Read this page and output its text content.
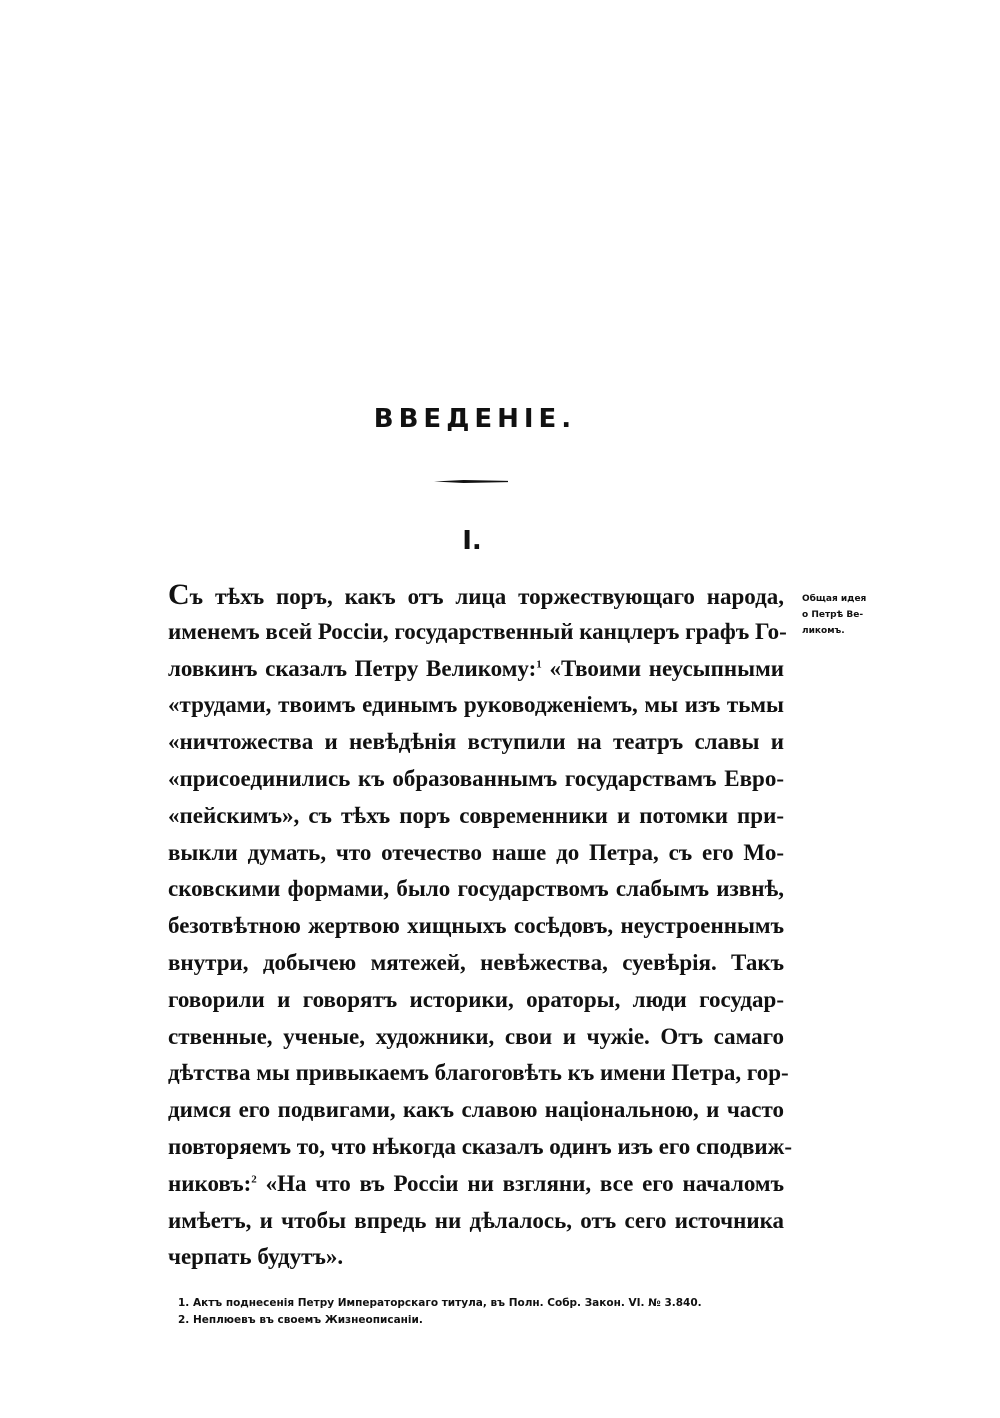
ВВЕДЕНІЕ.
I.
Съ тѣхъ поръ, какъ отъ лица торжествующаго народа,
именемъ всей Россіи, государственный канцлеръ графъ Го-
ловкинъ сказалъ Петру Великому:$^1$ «Твоими неусыпными
«трудами, твоимъ единымъ руководженіемъ, мы изъ тьмы
«ничтожества и невѣдѣнія вступили на театръ славы и
«присоединились къ образованнымъ государствамъ Евро-
«пейскимъ», съ тѣхъ поръ современники и потомки при-
выкли думать, что отечество наше до Петра, съ его Мо-
сковскими формами, было государствомъ слабымъ извнѣ,
безотвѣтною жертвою хищныхъ сосѣдовъ, неустроеннымъ
внутри, добычею мятежей, невѣжества, суевѣрія. Такъ
говорили и говорятъ историки, ораторы, люди государ-
ственные, ученые, художники, свои и чужіе. Отъ самаго
дѣтства мы привыкаемъ благоговѣть къ имени Петра, гор-
димся его подвигами, какъ славою національною, и часто
повторяемъ то, что нѣкогда сказалъ одинъ изъ его сподвиж-
никовъ:$^2$ «На что въ Россіи ни взгляни, все его началомъ
имѣетъ, и чтобы впредь ни дѣлалось, отъ сего источника
черпать будутъ».
Общая идея
о Петрѣ Ве-
ликомъ.
1. Актъ поднесенія Петру Императорскаго титула, въ Полн. Собр. Закон. VI. № 3.840.
2. Неплюевъ въ своемъ Жизнеописаніи.
